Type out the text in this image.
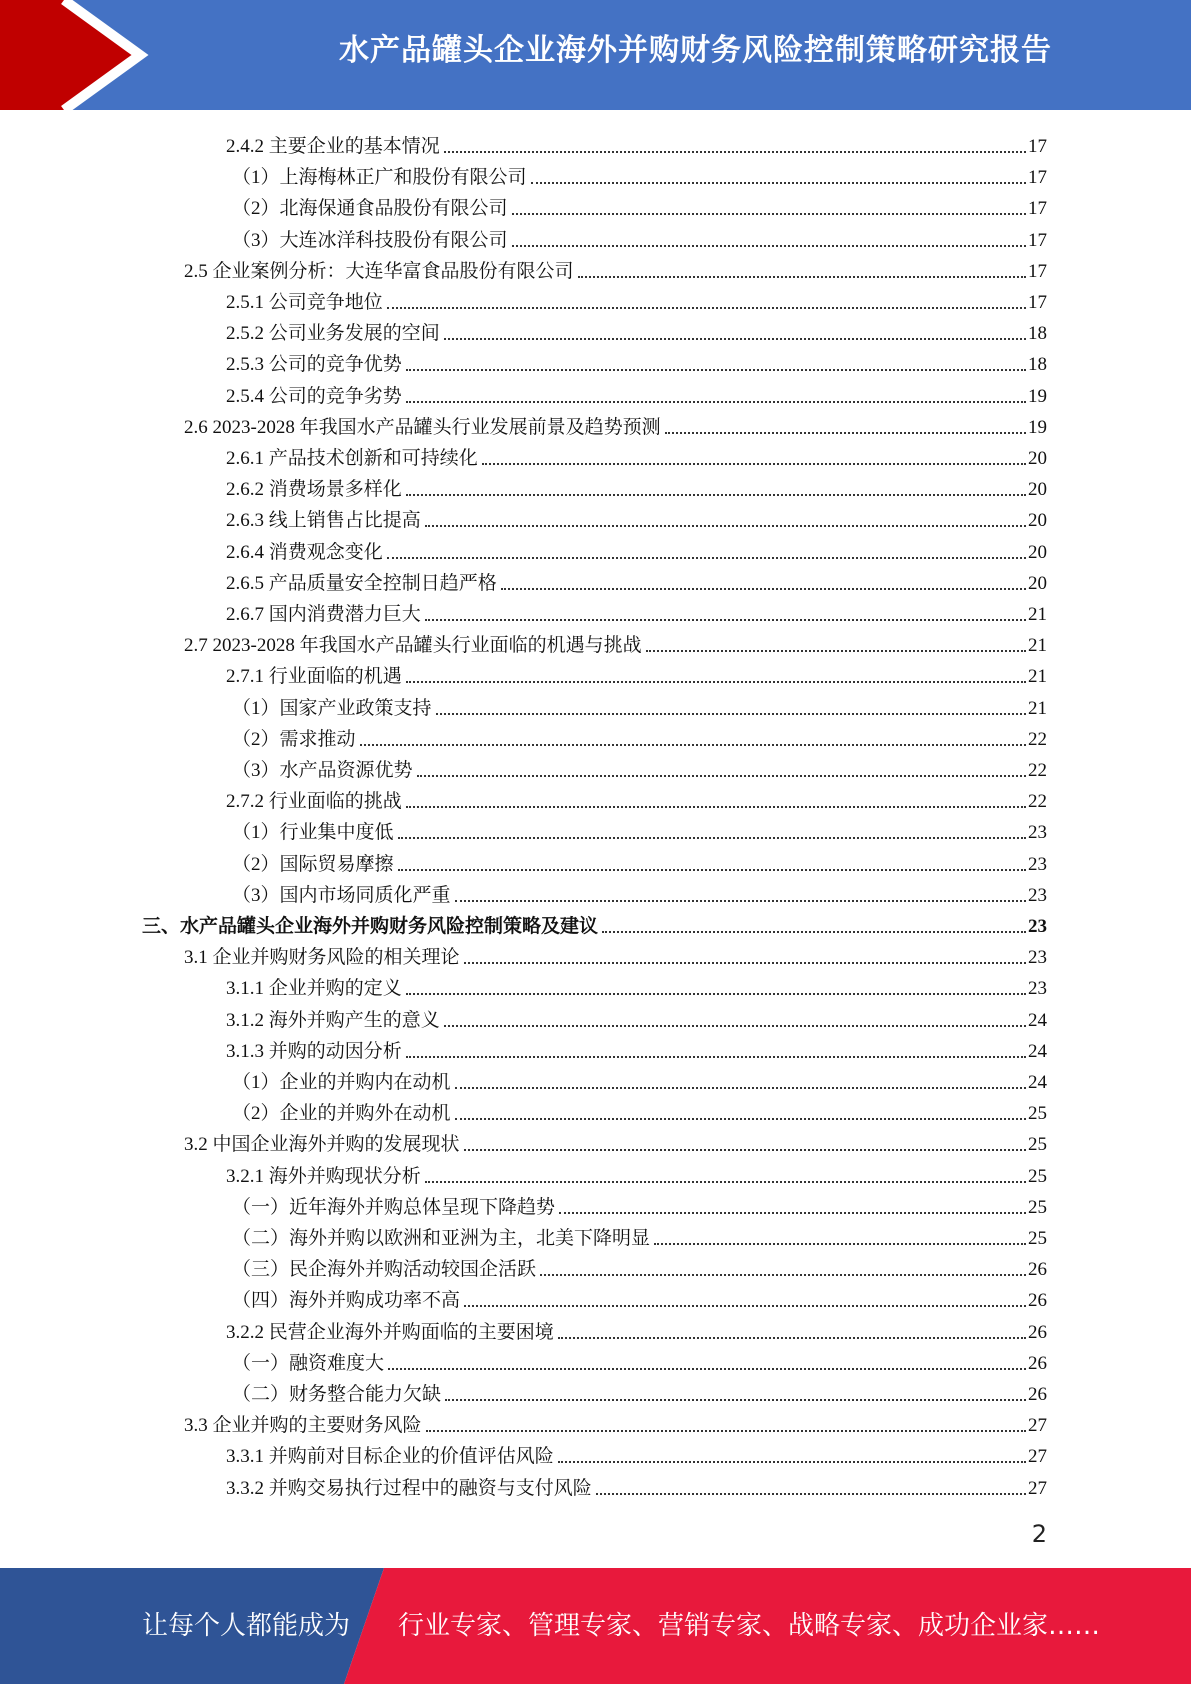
水产品罐头企业海外并购财务风险控制策略研究报告
2.4.2 主要企业的基本情况	17
（1）上海梅林正广和股份有限公司	17
（2）北海保通食品股份有限公司	17
（3）大连冰洋科技股份有限公司	17
2.5 企业案例分析：大连华富食品股份有限公司	17
2.5.1 公司竞争地位	17
2.5.2 公司业务发展的空间	18
2.5.3 公司的竞争优势	18
2.5.4 公司的竞争劣势	19
2.6 2023-2028 年我国水产品罐头行业发展前景及趋势预测	19
2.6.1 产品技术创新和可持续化	20
2.6.2 消费场景多样化	20
2.6.3 线上销售占比提高	20
2.6.4 消费观念变化	20
2.6.5 产品质量安全控制日趋严格	20
2.6.7 国内消费潜力巨大	21
2.7 2023-2028 年我国水产品罐头行业面临的机遇与挑战	21
2.7.1 行业面临的机遇	21
（1）国家产业政策支持	21
（2）需求推动	22
（3）水产品资源优势	22
2.7.2 行业面临的挑战	22
（1）行业集中度低	23
（2）国际贸易摩擦	23
（3）国内市场同质化严重	23
三、水产品罐头企业海外并购财务风险控制策略及建议	23
3.1 企业并购财务风险的相关理论	23
3.1.1 企业并购的定义	23
3.1.2 海外并购产生的意义	24
3.1.3 并购的动因分析	24
（1）企业的并购内在动机	24
（2）企业的并购外在动机	25
3.2 中国企业海外并购的发展现状	25
3.2.1 海外并购现状分析	25
（一）近年海外并购总体呈现下降趋势	25
（二）海外并购以欧洲和亚洲为主，北美下降明显	25
（三）民企海外并购活动较国企活跃	26
（四）海外并购成功率不高	26
3.2.2 民营企业海外并购面临的主要困境	26
（一）融资难度大	26
（二）财务整合能力欠缺	26
3.3 企业并购的主要财务风险	27
3.3.1 并购前对目标企业的价值评估风险	27
3.3.2 并购交易执行过程中的融资与支付风险	27
2
让每个人都能成为 行业专家、管理专家、营销专家、战略专家、成功企业家……
